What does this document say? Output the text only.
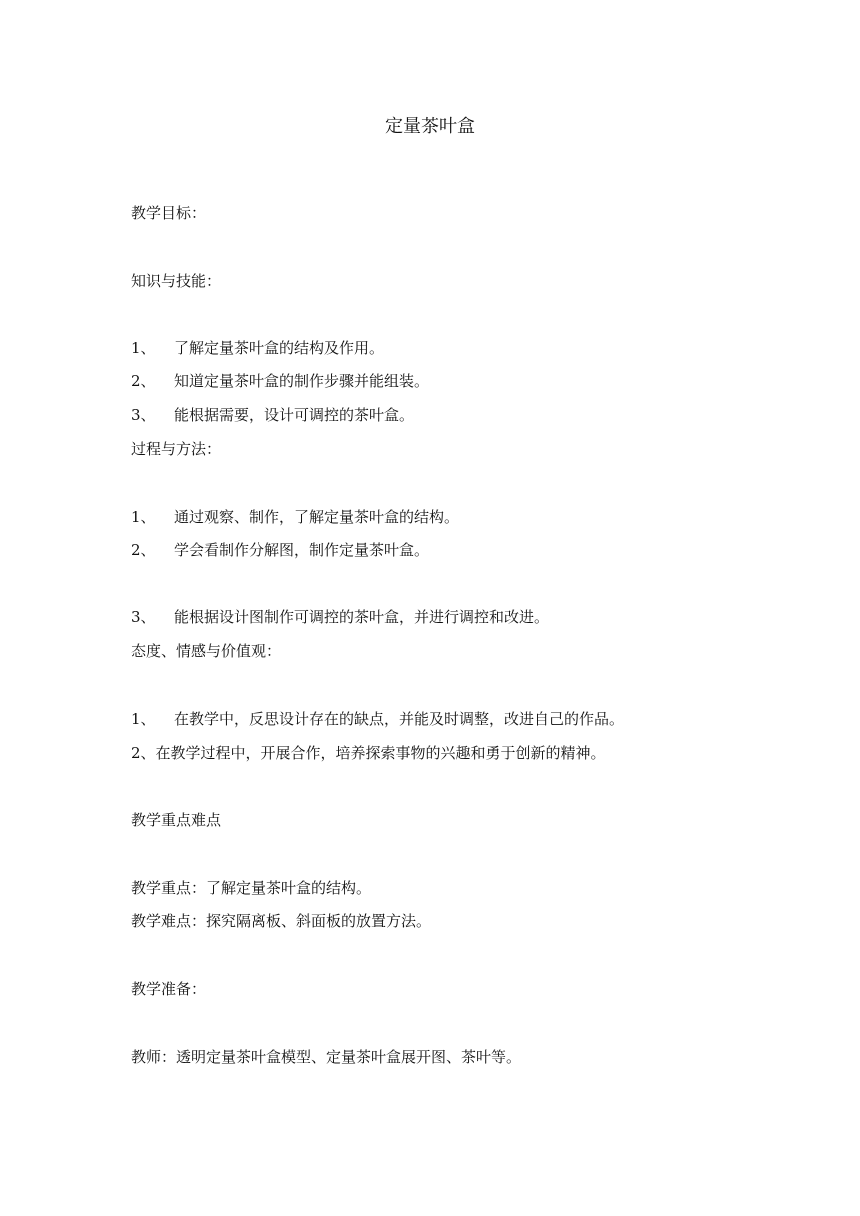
定量茶叶盒
教学目标：
知识与技能：
1、 了解定量茶叶盒的结构及作用。
2、 知道定量茶叶盒的制作步骤并能组装。
3、 能根据需要，设计可调控的茶叶盒。
过程与方法：
1、 通过观察、制作，了解定量茶叶盒的结构。
2、 学会看制作分解图，制作定量茶叶盒。
3、 能根据设计图制作可调控的茶叶盒，并进行调控和改进。
态度、情感与价值观：
1、 在教学中，反思设计存在的缺点，并能及时调整，改进自己的作品。
2、在教学过程中，开展合作，培养探索事物的兴趣和勇于创新的精神。
教学重点难点
教学重点：了解定量茶叶盒的结构。
教学难点：探究隔离板、斜面板的放置方法。
教学准备：
教师：透明定量茶叶盒模型、定量茶叶盒展开图、茶叶等。
